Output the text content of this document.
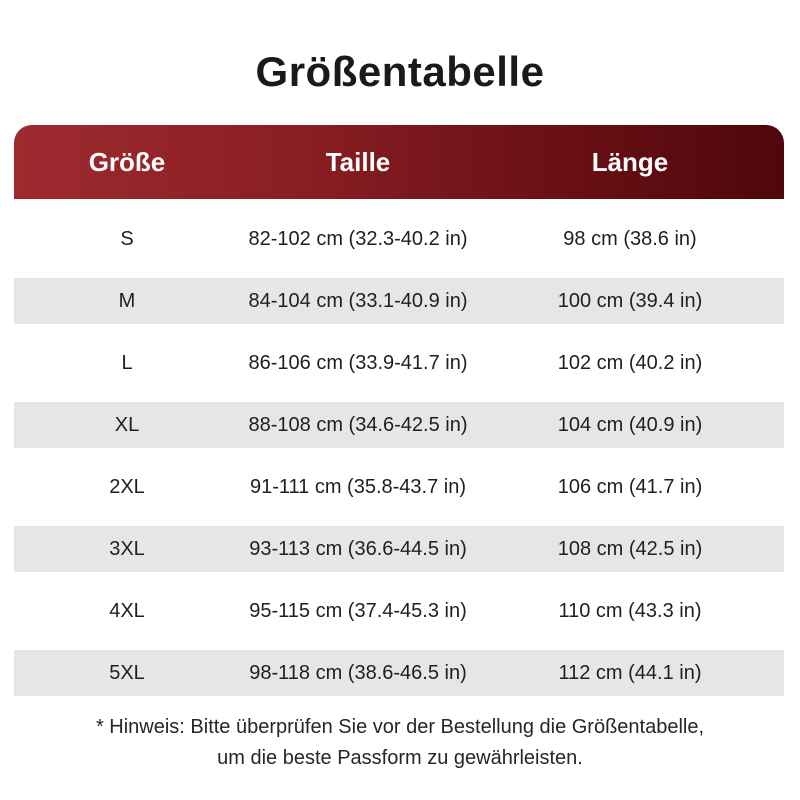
Größentabelle
Größe	Taille	Länge
S	82-102 cm (32.3-40.2 in)	98 cm (38.6 in)
M	84-104 cm (33.1-40.9 in)	100 cm (39.4 in)
L	86-106 cm (33.9-41.7 in)	102 cm (40.2 in)
XL	88-108 cm (34.6-42.5 in)	104 cm (40.9 in)
2XL	91-111 cm (35.8-43.7 in)	106 cm (41.7 in)
3XL	93-113 cm (36.6-44.5 in)	108 cm (42.5 in)
4XL	95-115 cm (37.4-45.3 in)	110 cm (43.3 in)
5XL	98-118 cm (38.6-46.5 in)	112 cm (44.1 in)
* Hinweis: Bitte überprüfen Sie vor der Bestellung die Größentabelle,
um die beste Passform zu gewährleisten.
